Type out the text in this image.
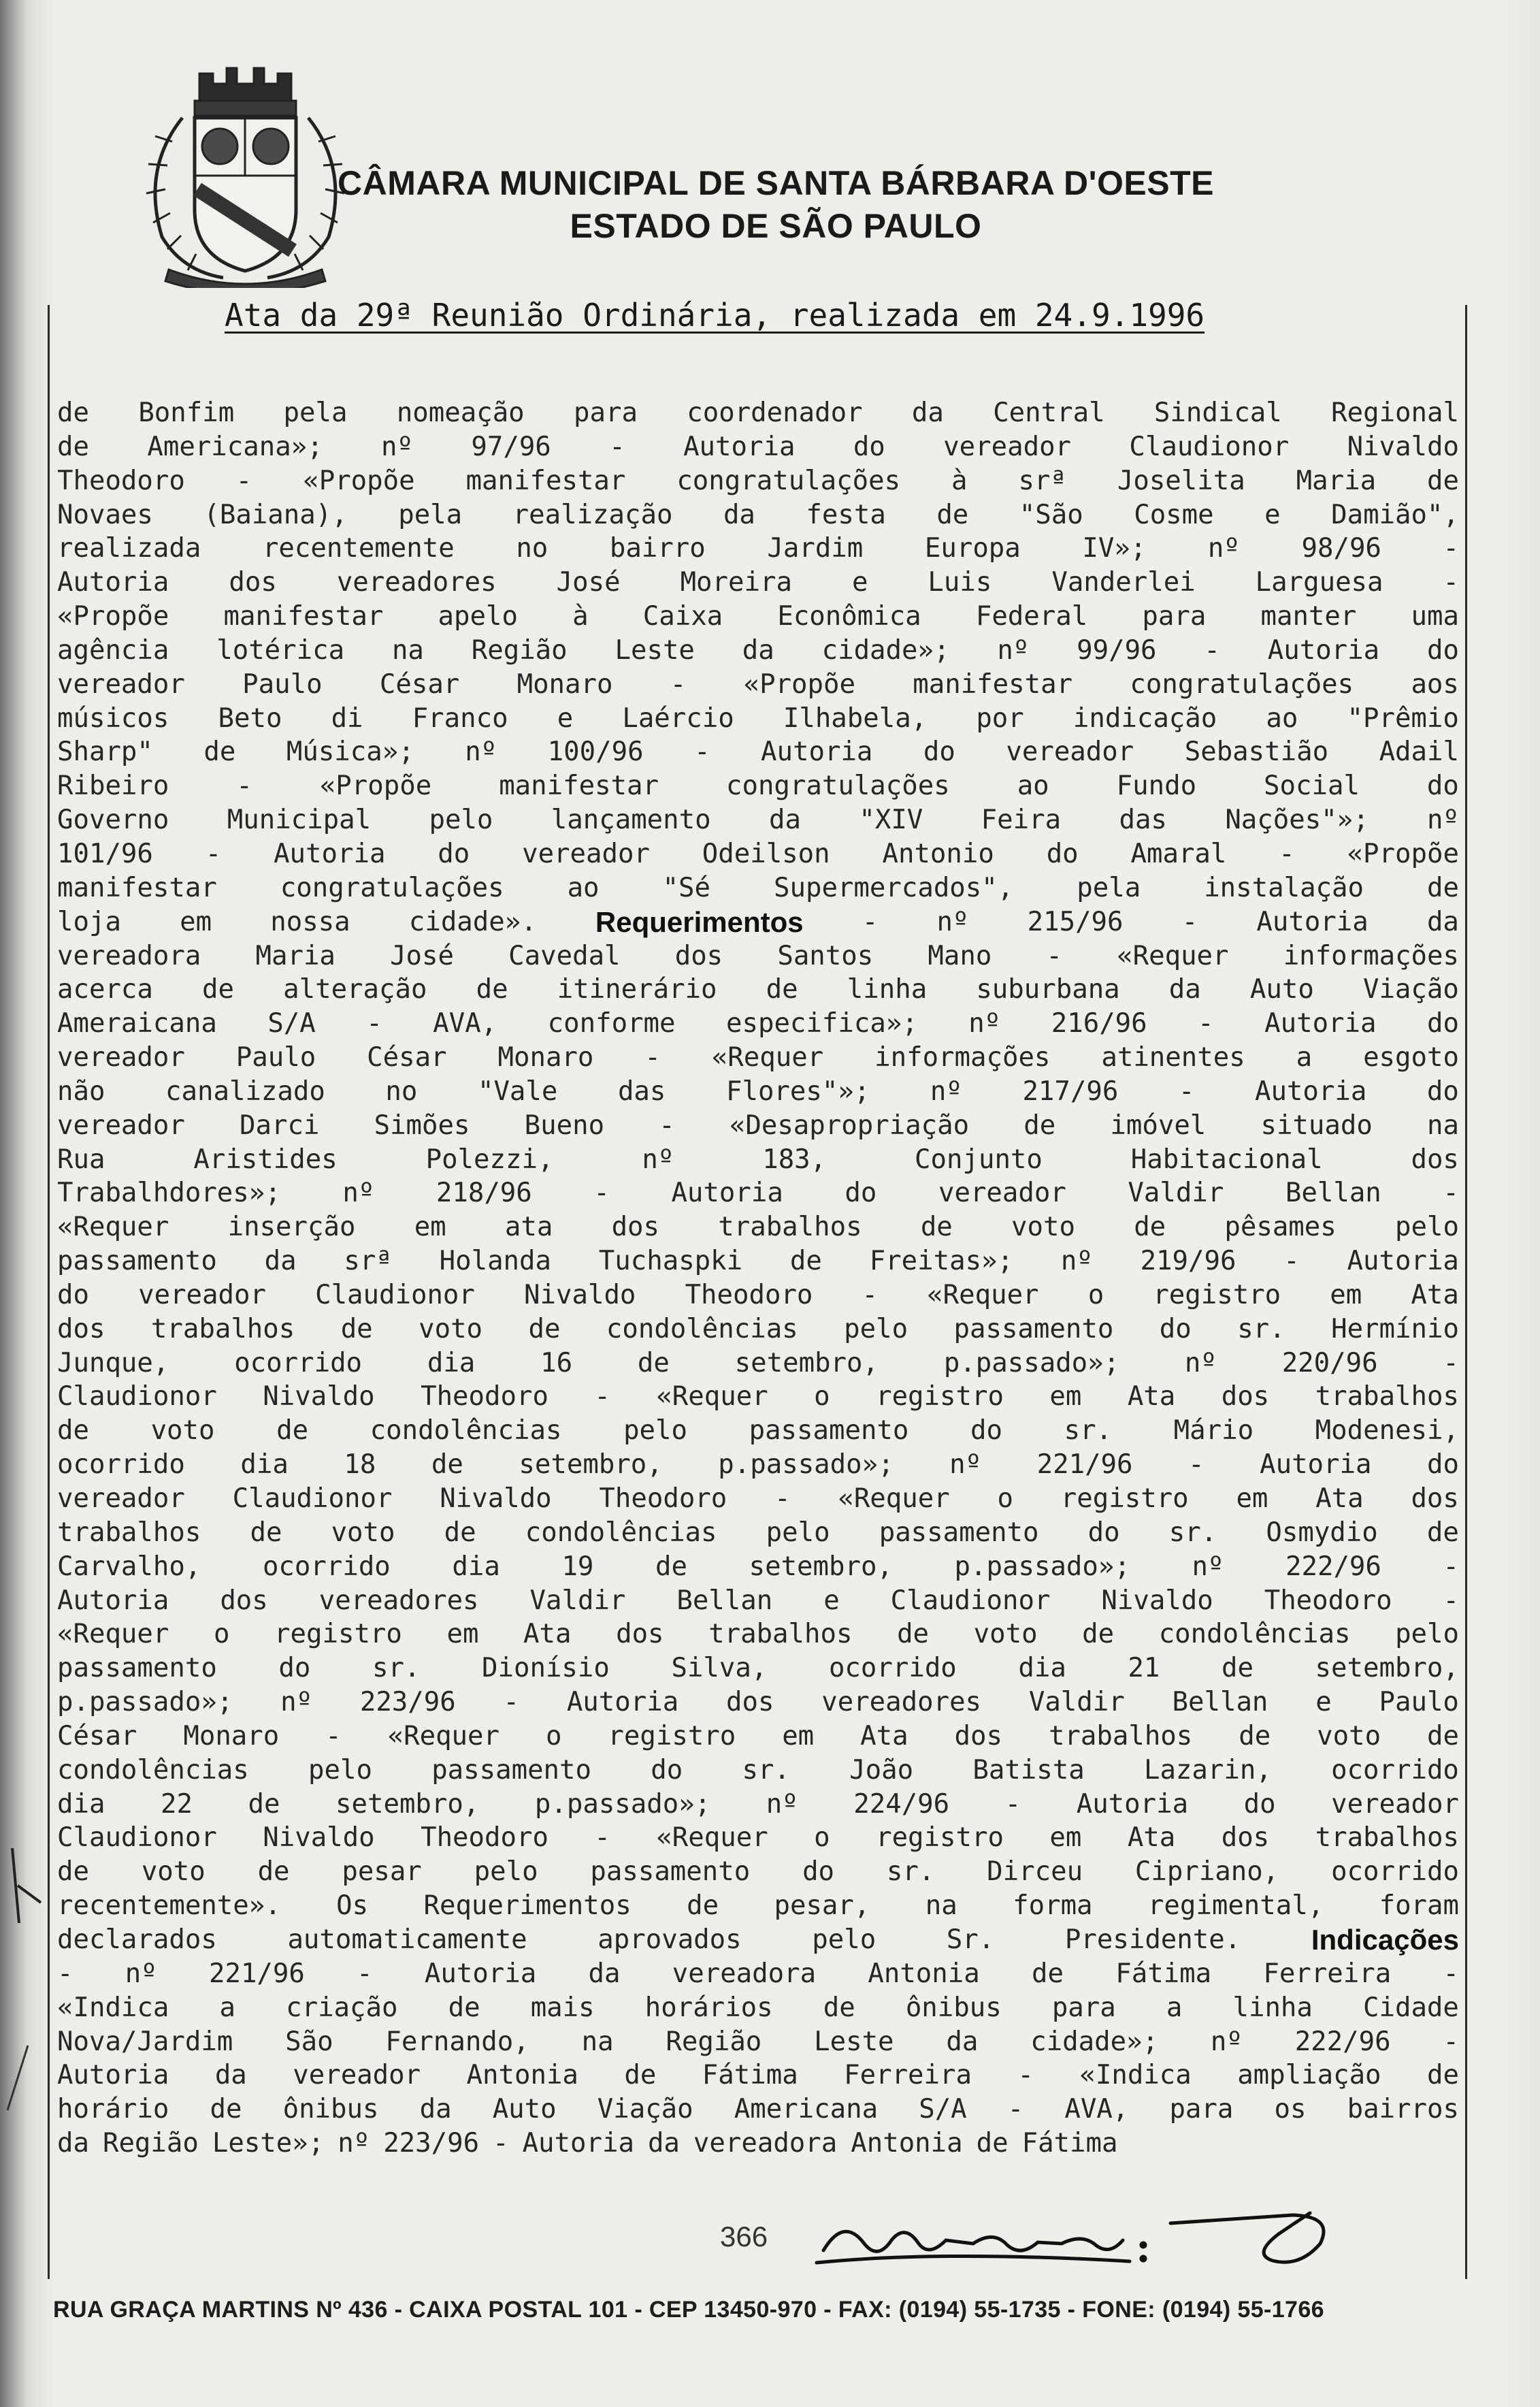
CÂMARA MUNICIPAL DE SANTA BÁRBARA D'OESTE
ESTADO DE SÃO PAULO
Ata da 29ª Reunião Ordinária, realizada em 24.9.1996
de Bonfim pela nomeação para coordenador da Central Sindical Regional
de Americana»; nº 97/96 - Autoria do vereador Claudionor Nivaldo
Theodoro - «Propõe manifestar congratulações à srª Joselita Maria de
Novaes (Baiana), pela realização da festa de "São Cosme e Damião",
realizada recentemente no bairro Jardim Europa IV»; nº 98/96 -
Autoria dos vereadores José Moreira e Luis Vanderlei Larguesa -
«Propõe manifestar apelo à Caixa Econômica Federal para manter uma
agência lotérica na Região Leste da cidade»; nº 99/96 - Autoria do
vereador Paulo César Monaro - «Propõe manifestar congratulações aos
músicos Beto di Franco e Laércio Ilhabela, por indicação ao "Prêmio
Sharp" de Música»; nº 100/96 - Autoria do vereador Sebastião Adail
Ribeiro	-	«Propõe	manifestar	congratulações	ao	Fundo	Social	do
Governo Municipal pelo lançamento da "XIV Feira das Nações"»; nº
101/96 - Autoria do vereador Odeilson Antonio do Amaral - «Propõe
manifestar congratulações ao "Sé Supermercados", pela instalação de
loja em nossa cidade». Requerimentos - nº 215/96 - Autoria da
vereadora Maria José Cavedal dos Santos Mano - «Requer informações
acerca de alteração de itinerário de linha suburbana da Auto Viação
Ameraicana S/A - AVA, conforme especifica»; nº 216/96 - Autoria do
vereador Paulo César Monaro - «Requer informações atinentes a esgoto
não canalizado no "Vale das Flores"»; nº 217/96 - Autoria do
vereador Darci Simões Bueno - «Desapropriação de imóvel situado na
Rua	Aristides	Polezzi,	nº	183,	Conjunto	Habitacional	dos
Trabalhdores»; nº 218/96 - Autoria do vereador Valdir Bellan -
«Requer inserção em ata dos trabalhos de voto de pêsames pelo
passamento da srª Holanda Tuchaspki de Freitas»; nº 219/96 - Autoria
do vereador Claudionor Nivaldo Theodoro - «Requer o registro em Ata
dos trabalhos de voto de condolências pelo passamento do sr. Hermínio
Junque, ocorrido dia 16 de setembro, p.passado»; nº 220/96 -
Claudionor Nivaldo Theodoro - «Requer o registro em Ata dos trabalhos
de voto de condolências pelo passamento do sr. Mário Modenesi,
ocorrido dia 18 de setembro, p.passado»; nº 221/96 - Autoria do
vereador Claudionor Nivaldo Theodoro - «Requer o registro em Ata dos
trabalhos de voto de condolências pelo passamento do sr. Osmydio de
Carvalho, ocorrido dia 19 de setembro, p.passado»; nº 222/96 -
Autoria dos vereadores Valdir Bellan e Claudionor Nivaldo Theodoro -
«Requer o registro em Ata dos trabalhos de voto de condolências pelo
passamento do sr. Dionísio Silva, ocorrido dia 21 de setembro,
p.passado»; nº 223/96 - Autoria dos vereadores Valdir Bellan e Paulo
César Monaro - «Requer o registro em Ata dos trabalhos de voto de
condolências pelo passamento do sr. João Batista Lazarin, ocorrido
dia 22 de setembro, p.passado»; nº 224/96 - Autoria do vereador
Claudionor Nivaldo Theodoro - «Requer o registro em Ata dos trabalhos
de voto de pesar pelo passamento do sr. Dirceu Cipriano, ocorrido
recentemente». Os Requerimentos de pesar, na forma regimental, foram
declarados	automaticamente	aprovados	pelo	Sr.	Presidente. Indicações
- nº 221/96 - Autoria da vereadora Antonia de Fátima Ferreira -
«Indica a criação de mais horários de ônibus para a linha Cidade
Nova/Jardim São Fernando, na Região Leste da cidade»; nº 222/96 -
Autoria da vereador Antonia de Fátima Ferreira - «Indica ampliação de
horário de ônibus da Auto Viação Americana S/A - AVA, para os bairros
da Região Leste»; nº 223/96 - Autoria da vereadora Antonia de Fátima
366
RUA GRAÇA MARTINS Nº 436 - CAIXA POSTAL 101 - CEP 13450-970 - FAX: (0194) 55-1735 - FONE: (0194) 55-1766
